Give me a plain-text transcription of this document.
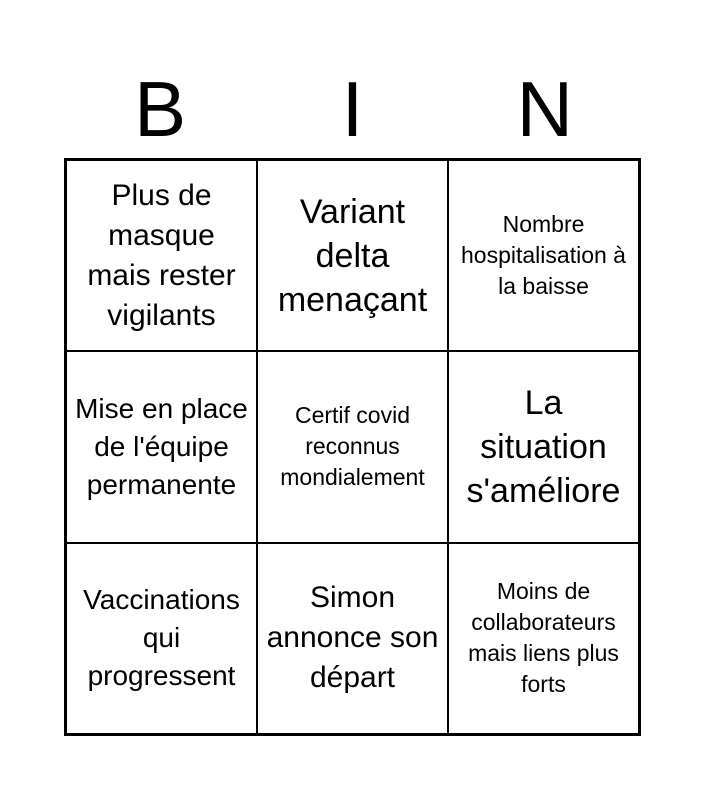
B	I	N
Plus de masque mais rester vigilants
Variant delta menaçant
Nombre hospitalisation à la baisse
Mise en place de l'équipe permanente
Certif covid reconnus mondialement
La situation s'améliore
Vaccinations qui progressent
Simon annonce son départ
Moins de collaborateurs mais liens plus forts
